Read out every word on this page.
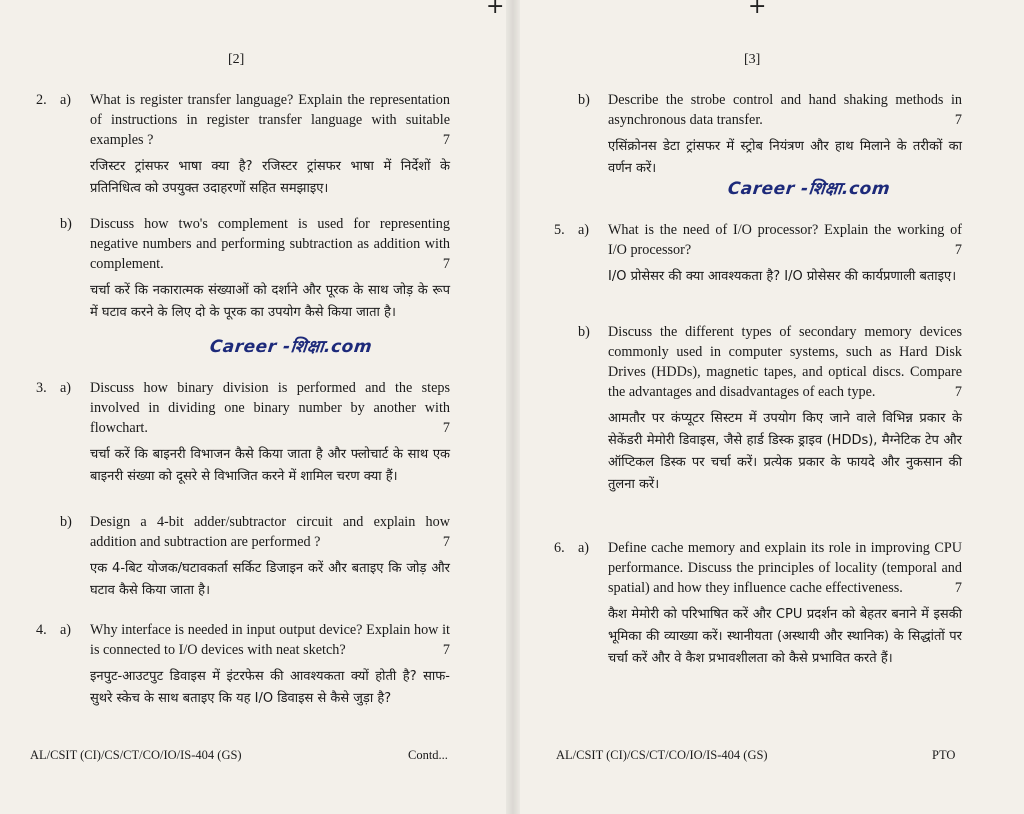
+	+
[2]
2. a) What is register transfer language? Explain the representation of instructions in register transfer language with suitable examples ?	7
रजिस्टर ट्रांसफर भाषा क्या है? रजिस्टर ट्रांसफर भाषा में निर्देशों के प्रतिनिधित्व को उपयुक्त उदाहरणों सहित समझाइए।
b) Discuss how two's complement is used for representing negative numbers and performing subtraction as addition with complement.	7
चर्चा करें कि नकारात्मक संख्याओं को दर्शाने और पूरक के साथ जोड़ के रूप में घटाव करने के लिए दो के पूरक का उपयोग कैसे किया जाता है।
Career -शिक्षा.com
3. a) Discuss how binary division is performed and the steps involved in dividing one binary number by another with flowchart.	7
चर्चा करें कि बाइनरी विभाजन कैसे किया जाता है और फ्लोचार्ट के साथ एक बाइनरी संख्या को दूसरे से विभाजित करने में शामिल चरण क्या हैं।
b) Design a 4-bit adder/subtractor circuit and explain how addition and subtraction are performed ?	7
एक 4-बिट योजक/घटावकर्ता सर्किट डिजाइन करें और बताइए कि जोड़ और घटाव कैसे किया जाता है।
4. a) Why interface is needed in input output device? Explain how it is connected to I/O devices with neat sketch?	7
इनपुट-आउटपुट डिवाइस में इंटरफेस की आवश्यकता क्यों होती है? साफ-सुथरे स्केच के साथ बताइए कि यह I/O डिवाइस से कैसे जुड़ा है?
AL/CSIT (CI)/CS/CT/CO/IO/IS-404 (GS)	Contd...
[3]
b) Describe the strobe control and hand shaking methods in asynchronous data transfer.	7
एसिंक्रोनस डेटा ट्रांसफर में स्ट्रोब नियंत्रण और हाथ मिलाने के तरीकों का वर्णन करें।
Career -शिक्षा.com
5. a) What is the need of I/O processor? Explain the working of I/O processor?	7
I/O प्रोसेसर की क्या आवश्यकता है? I/O प्रोसेसर की कार्यप्रणाली बताइए।
b) Discuss the different types of secondary memory devices commonly used in computer systems, such as Hard Disk Drives (HDDs), magnetic tapes, and optical discs. Compare the advantages and disadvantages of each type.	7
आमतौर पर कंप्यूटर सिस्टम में उपयोग किए जाने वाले विभिन्न प्रकार के सेकेंडरी मेमोरी डिवाइस, जैसे हार्ड डिस्क ड्राइव (HDDs), मैग्नेटिक टेप और ऑप्टिकल डिस्क पर चर्चा करें। प्रत्येक प्रकार के फायदे और नुकसान की तुलना करें।
6. a) Define cache memory and explain its role in improving CPU performance. Discuss the principles of locality (temporal and spatial) and how they influence cache effectiveness.	7
कैश मेमोरी को परिभाषित करें और CPU प्रदर्शन को बेहतर बनाने में इसकी भूमिका की व्याख्या करें। स्थानीयता (अस्थायी और स्थानिक) के सिद्धांतों पर चर्चा करें और वे कैश प्रभावशीलता को कैसे प्रभावित करते हैं।
AL/CSIT (CI)/CS/CT/CO/IO/IS-404 (GS)	PTO
